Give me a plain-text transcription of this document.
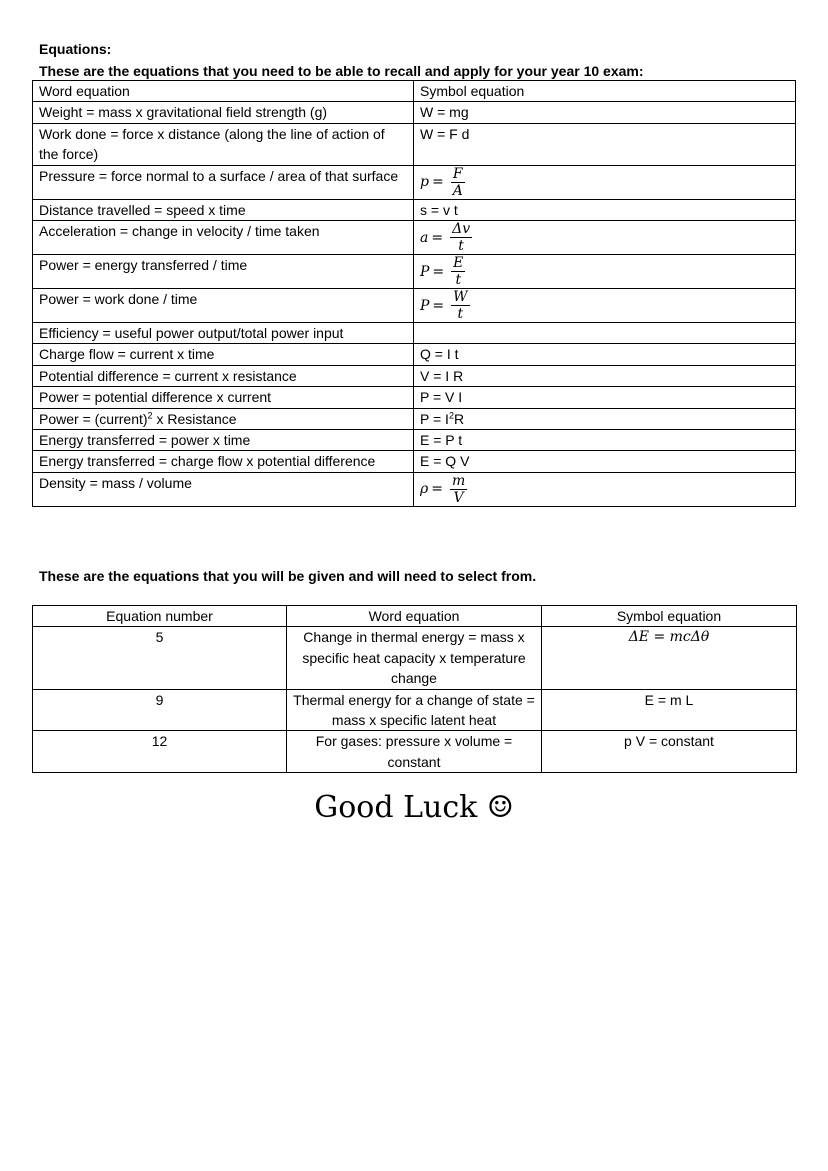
Equations:
These are the equations that you need to be able to recall and apply for your year 10 exam:
Word equation	Symbol equation
Weight = mass x gravitational field strength (g)	W = mg
Work done = force x distance (along the line of action of the force)	W = F d
Pressure = force normal to a surface / area of that surface	$p = \frac{F}{A}$

Distance travelled = speed x time	s = v t
Acceleration = change in velocity / time taken	$a = \frac{\Delta v}{t}$

Power = energy transferred / time	$P = \frac{E}{t}$

Power = work done / time	$P = \frac{W}{t}$

Efficiency = useful power output/total power input	
Charge flow = current x time	Q = I t
Potential difference = current x resistance	V = I R
Power = potential difference x current	P = V I
Power = (current)$^2$ x Resistance	$P = I^2R$
Energy transferred = power x time	E = P t
Energy transferred = charge flow x potential difference	E = Q V
Density = mass / volume	$\rho = \frac{m}{V}$
These are the equations that you will be given and will need to select from.
Equation number	Word equation	Symbol equation
5	Change in thermal energy = mass x specific heat capacity x temperature change	ΔE = mcΔθ
9	Thermal energy for a change of state = mass x specific latent heat	E = m L
12	For gases: pressure x volume = constant	p V = constant
Good Luck ☺
